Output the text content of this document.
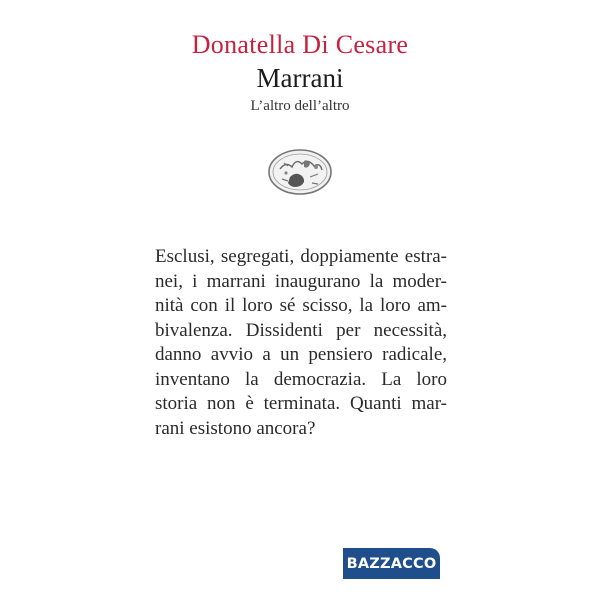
Donatella Di Cesare
Marrani
L’altro dell’altro
Esclusi, segregati, doppiamente estra-
nei, i marrani inaugurano la moder-
nità con il loro sé scisso, la loro am-
bivalenza. Dissidenti per necessità,
danno avvio a un pensiero radicale,
inventano la democrazia. La loro
storia non è terminata. Quanti mar-
rani esistono ancora?
BAZZACCO
